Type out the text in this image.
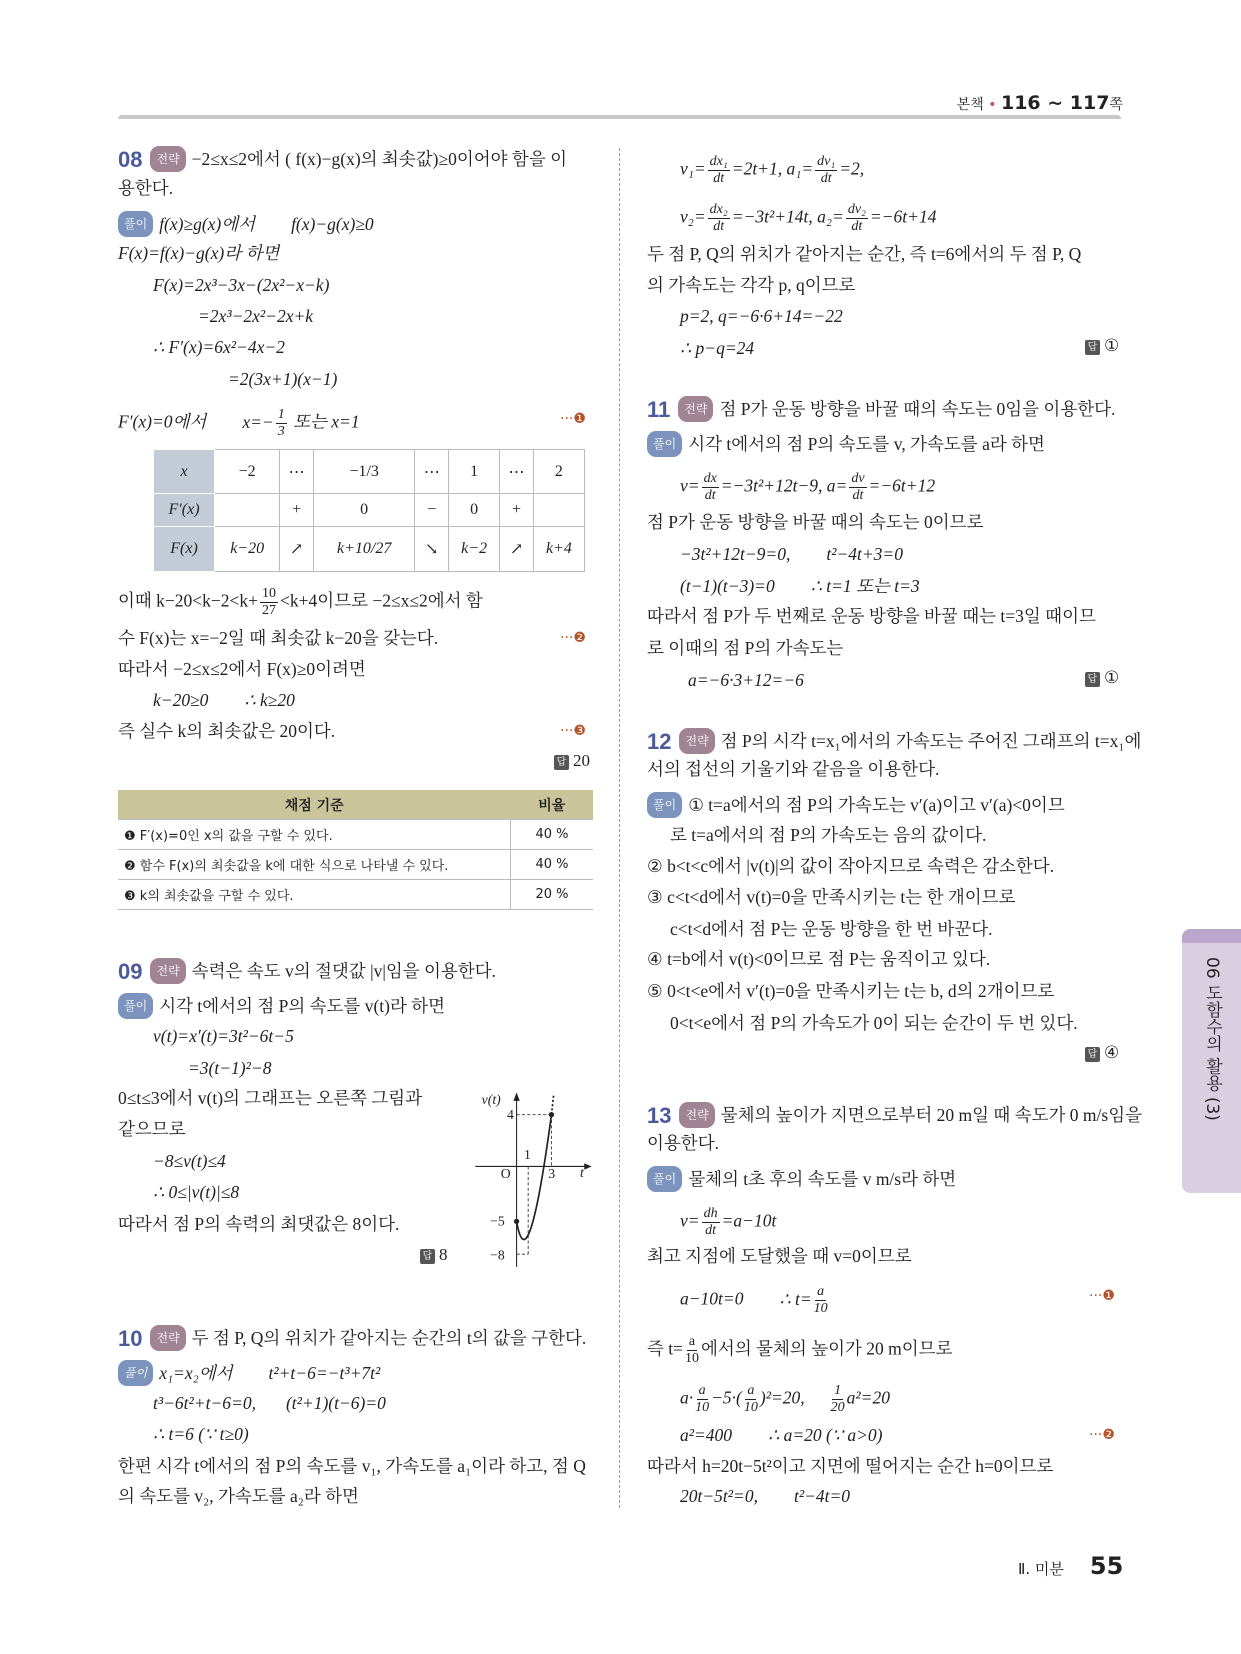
본책 • 116 ~ 117쪽
06 도함수의 활용 (3)
Ⅱ. 미분 55
08 전략 −2≤x≤2에서 ( f(x)−g(x)의 최솟값)≥0이어야 함을 이
용한다.
풀이 f(x)≥g(x)에서 f(x)−g(x)≥0
F(x)=f(x)−g(x)라 하면
F(x)=2x³−3x−(2x²−x−k)
=2x³−2x²−2x+k
∴ F′(x)=6x²−4x−2
=2(3x+1)(x−1)
F′(x)=0에서 $x=- \frac{1}{3}$ 또는 x=1	···❶
x	−2	⋯	−1/3	⋯	1	⋯	2
F′(x)		+	0	−	0	+	
F(x)	k−20	↗	k+10/27	↘	k−2	↗	k+4
이때 $k-20<k-2<k+ \frac{10}{27} <k+4$이므로 −2≤x≤2에서 함
수 F(x)는 x=−2일 때 최솟값 k−20을 갖는다.	···❷
따라서 −2≤x≤2에서 F(x)≥0이려면
k−20≥0 ∴ k≥20
즉 실수 k의 최솟값은 20이다.	···❸
답 20
채점 기준	비율
❶ F′(x)=0인 x의 값을 구할 수 있다.	40 %
❷ 함수 F(x)의 최솟값을 k에 대한 식으로 나타낼 수 있다.	40 %
❸ k의 최솟값을 구할 수 있다.	20 %
09 전략 속력은 속도 v의 절댓값 |v|임을 이용한다.
풀이 시각 t에서의 점 P의 속도를 v(t)라 하면
v(t)=x′(t)=3t²−6t−5
=3(t−1)²−8
0≤t≤3에서 v(t)의 그래프는 오른쪽 그림과
같으므로
−8≤v(t)≤4
∴ 0≤|v(t)|≤8
따라서 점 P의 속력의 최댓값은 8이다.
답 8
v(t)
t
O
4
1
3
−5
−8
10 전략 두 점 P, Q의 위치가 같아지는 순간의 t의 값을 구한다.
풀이 x₁=x₂에서 t²+t−6=−t³+7t²
t³−6t²+t−6=0, (t²+1)(t−6)=0
∴ t=6 (∵ t≥0)
한편 시각 t에서의 점 P의 속도를 v₁, 가속도를 a₁이라 하고, 점 Q
의 속도를 v₂, 가속도를 a₂라 하면
$v_1= \frac{\text{dx₁}}{dt} =2t+1$, $a_1= \frac{\text{dv₁}}{dt} =2$,
$v_2= \frac{\text{dx₂}}{dt} =-3t^2+14t$, $a_2= \frac{\text{dv₂}}{dt} =-6t+14$
두 점 P, Q의 위치가 같아지는 순간, 즉 t=6에서의 두 점 P, Q
의 가속도는 각각 p, q이므로
p=2, q=−6·6+14=−22
∴ p−q=24	답 ①
11 전략 점 P가 운동 방향을 바꿀 때의 속도는 0임을 이용한다.
풀이 시각 t에서의 점 P의 속도를 v, 가속도를 a라 하면
$v= \frac{dx}{dt} =-3t^2+12t-9$, $a= \frac{dv}{dt} =-6t+12$
점 P가 운동 방향을 바꿀 때의 속도는 0이므로
−3t²+12t−9=0, t²−4t+3=0
(t−1)(t−3)=0 ∴ t=1 또는 t=3
따라서 점 P가 두 번째로 운동 방향을 바꿀 때는 t=3일 때이므
로 이때의 점 P의 가속도는
a=−6·3+12=−6	답 ①
12 전략 점 P의 시각 t=x₁에서의 가속도는 주어진 그래프의 t=x₁에
서의 접선의 기울기와 같음을 이용한다.
풀이 ① t=a에서의 점 P의 가속도는 v′(a)이고 v′(a)<0이므
로 t=a에서의 점 P의 가속도는 음의 값이다.
② b<t<c에서 |v(t)|의 값이 작아지므로 속력은 감소한다.
③ c<t<d에서 v(t)=0을 만족시키는 t는 한 개이므로
c<t<d에서 점 P는 운동 방향을 한 번 바꾼다.
④ t=b에서 v(t)<0이므로 점 P는 움직이고 있다.
⑤ 0<t<e에서 v′(t)=0을 만족시키는 t는 b, d의 2개이므로
0<t<e에서 점 P의 가속도가 0이 되는 순간이 두 번 있다.
답 ④
13 전략 물체의 높이가 지면으로부터 20 m일 때 속도가 0 m/s임을
이용한다.
풀이 물체의 t초 후의 속도를 v m/s라 하면
$v= \frac{dh}{dt} =a-10t$
최고 지점에 도달했을 때 v=0이므로
a−10t=0 ∴ $t= \frac{a}{10}$	···❶
즉 $t= \frac{a}{10}$ 에서의 물체의 높이가 20 m이므로
$a\cdot \frac{a}{10} -5\cdot( \frac{a}{10} )^2=20$, $\frac{1}{20} a^2=20$
a²=400 ∴ a=20 (∵ a>0)	···❷
따라서 h=20t−5t²이고 지면에 떨어지는 순간 h=0이므로
20t−5t²=0, t²−4t=0
